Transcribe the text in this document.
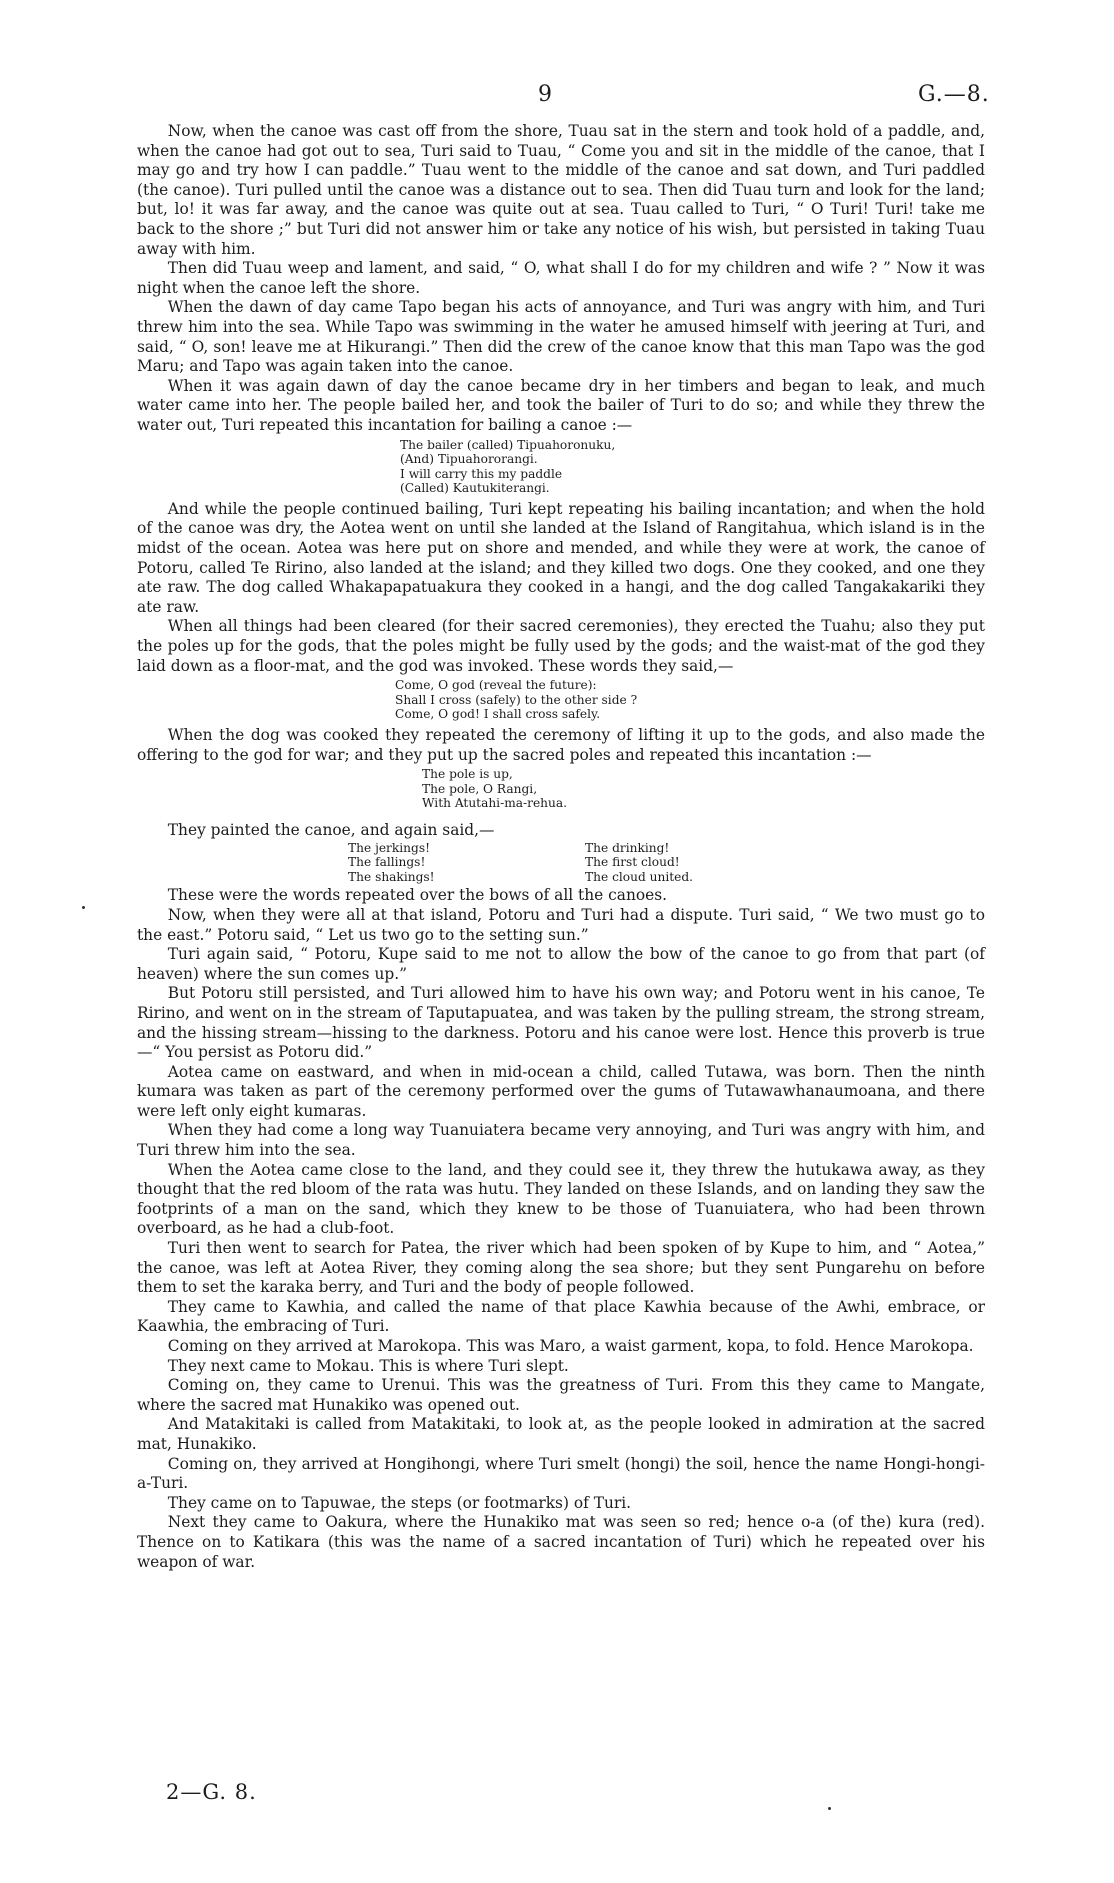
9	G.—8.

Now, when the canoe was cast off from the shore, Tuau sat in the stern and took hold of a paddle, and, when the canoe had got out to sea, Turi said to Tuau, “ Come you and sit in the middle of the canoe, that I may go and try how I can paddle.” Tuau went to the middle of the canoe and sat down, and Turi paddled (the canoe). Turi pulled until the canoe was a distance out to sea. Then did Tuau turn and look for the land; but, lo! it was far away, and the canoe was quite out at sea. Tuau called to Turi, “ O Turi! Turi! take me back to the shore ;” but Turi did not answer him or take any notice of his wish, but persisted in taking Tuau away with him.

Then did Tuau weep and lament, and said, “ O, what shall I do for my children and wife ? ” Now it was night when the canoe left the shore.

When the dawn of day came Tapo began his acts of annoyance, and Turi was angry with him, and Turi threw him into the sea. While Tapo was swimming in the water he amused himself with jeering at Turi, and said, “ O, son! leave me at Hikurangi.” Then did the crew of the canoe know that this man Tapo was the god Maru; and Tapo was again taken into the canoe.

When it was again dawn of day the canoe became dry in her timbers and began to leak, and much water came into her. The people bailed her, and took the bailer of Turi to do so; and while they threw the water out, Turi repeated this incantation for bailing a canoe :—

The bailer (called) Tipuahoronuku,
(And) Tipuahororangi.
I will carry this my paddle
(Called) Kautukiterangi.

And while the people continued bailing, Turi kept repeating his bailing incantation; and when the hold of the canoe was dry, the Aotea went on until she landed at the Island of Rangitahua, which island is in the midst of the ocean. Aotea was here put on shore and mended, and while they were at work, the canoe of Potoru, called Te Ririno, also landed at the island; and they killed two dogs. One they cooked, and one they ate raw. The dog called Whakapapatuakura they cooked in a hangi, and the dog called Tangakakariki they ate raw.

When all things had been cleared (for their sacred ceremonies), they erected the Tuahu; also they put the poles up for the gods, that the poles might be fully used by the gods; and the waist-mat of the god they laid down as a floor-mat, and the god was invoked. These words they said,—

Come, O god (reveal the future):
Shall I cross (safely) to the other side ?
Come, O god! I shall cross safely.

When the dog was cooked they repeated the ceremony of lifting it up to the gods, and also made the offering to the god for war; and they put up the sacred poles and repeated this incantation :—

The pole is up,
The pole, O Rangi,
With Atutahi-ma-rehua.

They painted the canoe, and again said,—

The jerkings!
The fallings!
The shakings!
The drinking!
The first cloud!
The cloud united.

These were the words repeated over the bows of all the canoes.

Now, when they were all at that island, Potoru and Turi had a dispute. Turi said, “ We two must go to the east.” Potoru said, “ Let us two go to the setting sun.”

Turi again said, “ Potoru, Kupe said to me not to allow the bow of the canoe to go from that part (of heaven) where the sun comes up.”

But Potoru still persisted, and Turi allowed him to have his own way; and Potoru went in his canoe, Te Ririno, and went on in the stream of Taputapuatea, and was taken by the pulling stream, the strong stream, and the hissing stream—hissing to the darkness. Potoru and his canoe were lost. Hence this proverb is true—“ You persist as Potoru did.”

Aotea came on eastward, and when in mid-ocean a child, called Tutawa, was born. Then the ninth kumara was taken as part of the ceremony performed over the gums of Tutawawhanaumoana, and there were left only eight kumaras.

When they had come a long way Tuanuiatera became very annoying, and Turi was angry with him, and Turi threw him into the sea.

When the Aotea came close to the land, and they could see it, they threw the hutukawa away, as they thought that the red bloom of the rata was hutu. They landed on these Islands, and on landing they saw the footprints of a man on the sand, which they knew to be those of Tuanuiatera, who had been thrown overboard, as he had a club-foot.

Turi then went to search for Patea, the river which had been spoken of by Kupe to him, and “ Aotea,” the canoe, was left at Aotea River, they coming along the sea shore; but they sent Pungarehu on before them to set the karaka berry, and Turi and the body of people followed.

They came to Kawhia, and called the name of that place Kawhia because of the Awhi, embrace, or Kaawhia, the embracing of Turi.

Coming on they arrived at Marokopa. This was Maro, a waist garment, kopa, to fold. Hence Marokopa.

They next came to Mokau. This is where Turi slept.

Coming on, they came to Urenui. This was the greatness of Turi. From this they came to Mangate, where the sacred mat Hunakiko was opened out.

And Matakitaki is called from Matakitaki, to look at, as the people looked in admiration at the sacred mat, Hunakiko.

Coming on, they arrived at Hongihongi, where Turi smelt (hongi) the soil, hence the name Hongi-hongi-a-Turi.

They came on to Tapuwae, the steps (or footmarks) of Turi.

Next they came to Oakura, where the Hunakiko mat was seen so red; hence o-a (of the) kura (red). Thence on to Katikara (this was the name of a sacred incantation of Turi) which he repeated over his weapon of war.

2—G. 8.
